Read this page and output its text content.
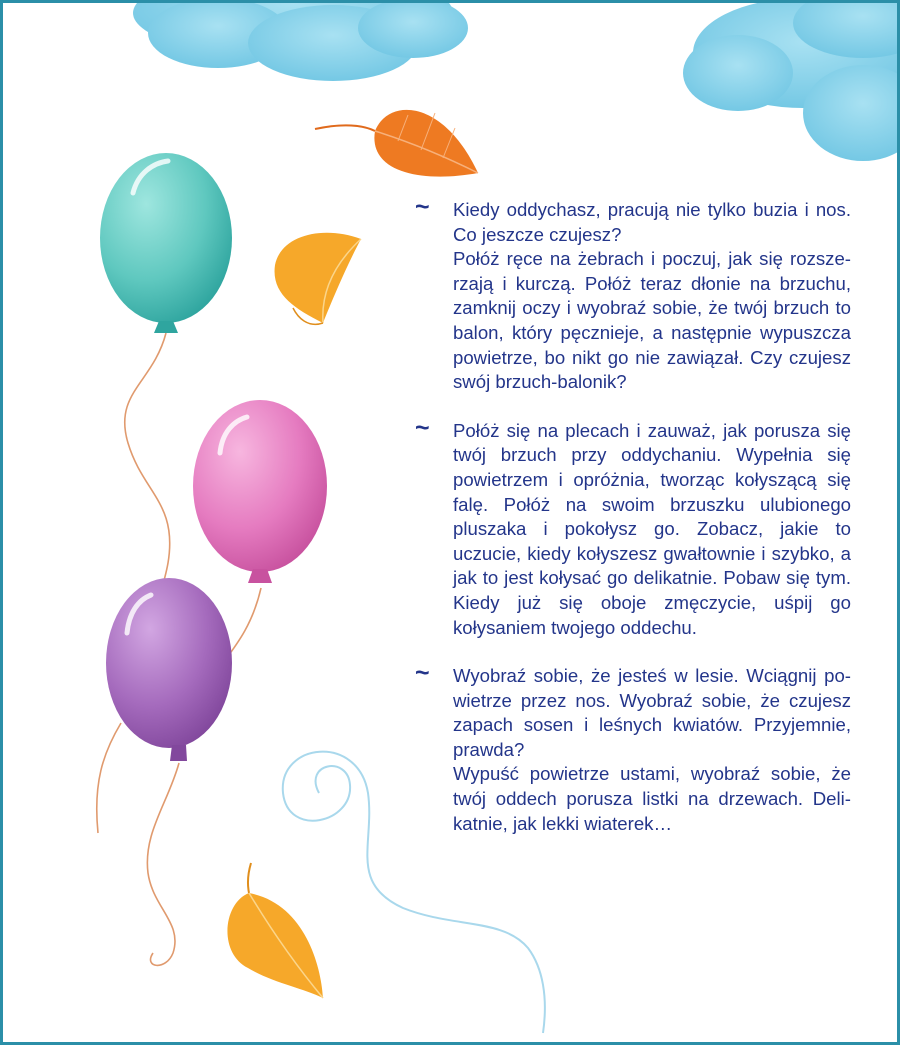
~ Kiedy oddychasz, pracują nie tylko buzia i nos. Co jeszcze czujesz?

Połóż ręce na żebrach i poczuj, jak się rozszerzają i kurczą. Połóż teraz dłonie na brzuchu, zamknij oczy i wyobraź sobie, że twój brzuch to balon, który pęcznieje, a następnie wypuszcza powietrze, bo nikt go nie zawiązał. Czy czujesz swój brzuch-balonik?

~ Połóż się na plecach i zauważ, jak porusza się twój brzuch przy oddychaniu. Wypełnia się powietrzem i opróżnia, tworząc kołyszącą się falę. Połóż na swoim brzuszku ulubionego pluszaka i pokołysz go. Zobacz, jakie to uczucie, kiedy kołyszesz gwałtownie i szybko, a jak to jest kołysać go delikatnie. Pobaw się tym. Kiedy już się oboje zmęczycie, uśpij go kołysaniem twojego oddechu.

~ Wyobraź sobie, że jesteś w lesie. Wciągnij powietrze przez nos. Wyobraź sobie, że czujesz zapach sosen i leśnych kwiatów. Przyjemnie, prawda?

Wypuść powietrze ustami, wyobraź sobie, że twój oddech porusza listki na drzewach. Delikatnie, jak lekki wiaterek…
